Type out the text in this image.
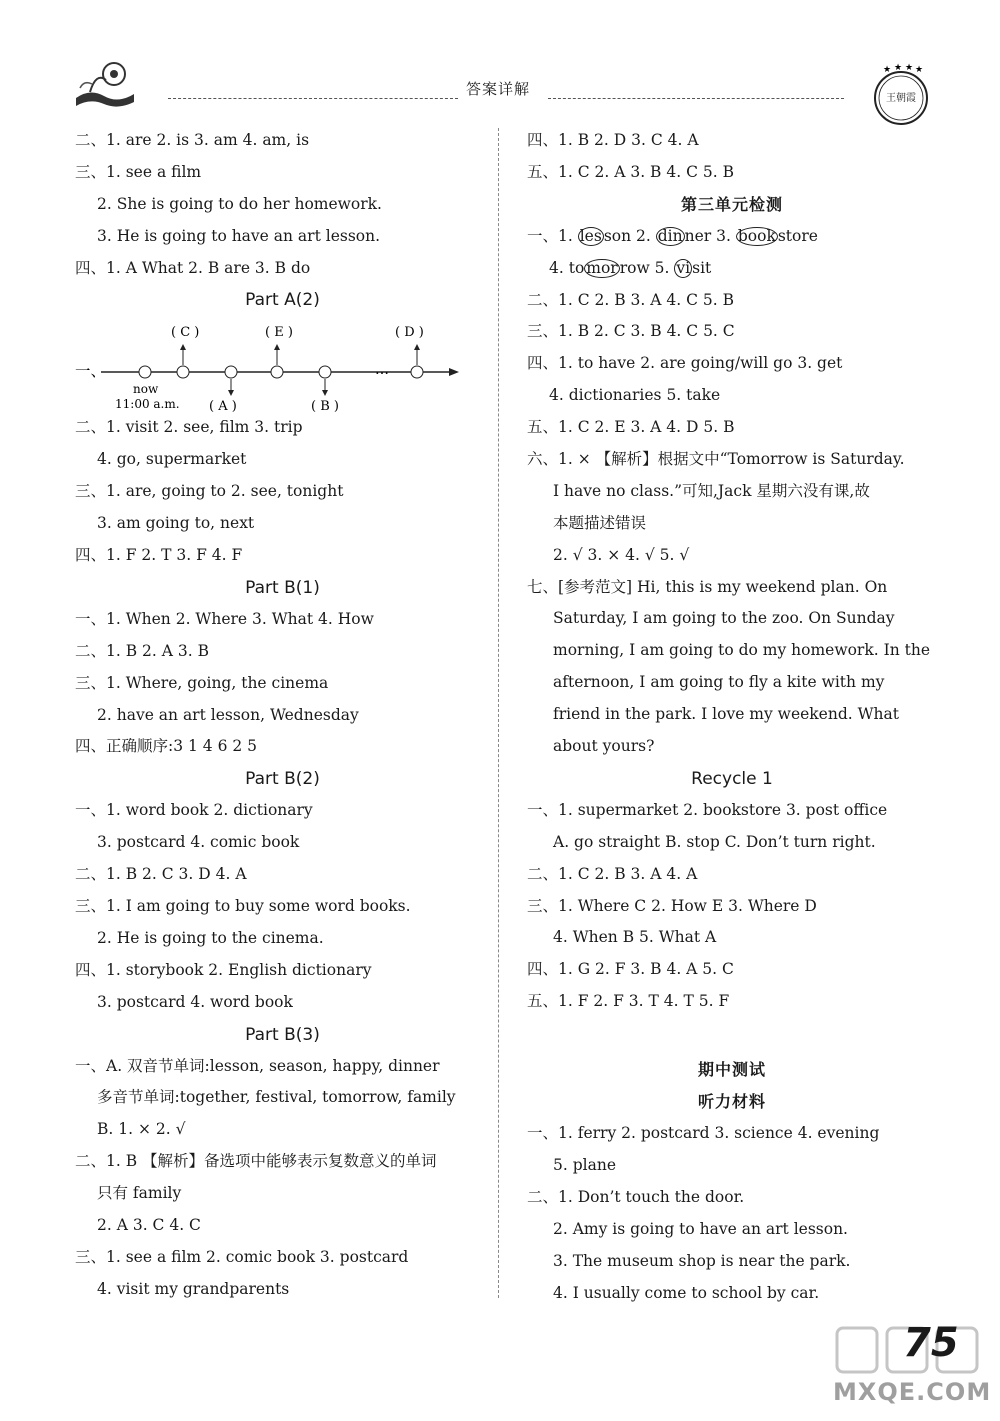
答案详解
★ ★ ★ ★
王朝霞
二、1. are 2. is 3. am 4. am, is
三、1. see a film
2. She is going to do her homework.
3. He is going to have an art lesson.
四、1. A What 2. B are 3. B do
Part A(2)
一、	…
( C )	( E )	( D )
( A )	( B )
now
11:00 a.m.
二、1. visit 2. see, film 3. trip
4. go, supermarket
三、1. are, going to 2. see, tonight
3. am going to, next
四、1. F 2. T 3. F 4. F
Part B(1)
一、1. When 2. Where 3. What 4. How
二、1. B 2. A 3. B
三、1. Where, going, the cinema
2. have an art lesson, Wednesday
四、正确顺序:3 1 4 6 2 5
Part B(2)
一、1. word book 2. dictionary
3. postcard 4. comic book
二、1. B 2. C 3. D 4. A
三、1. I am going to buy some word books.
2. He is going to the cinema.
四、1. storybook 2. English dictionary
3. postcard 4. word book
Part B(3)
一、A. 双音节单词:lesson, season, happy, dinner
多音节单词:together, festival, tomorrow, family
B. 1. × 2. √
二、1. B 【解析】备选项中能够表示复数意义的单词
只有 family
2. A 3. C 4. C
三、1. see a film 2. comic book 3. postcard
4. visit my grandparents
四、1. B 2. D 3. C 4. A
五、1. C 2. A 3. B 4. C 5. B
第三单元检测
一、1. les son 2. din ner 3. book store
4. to mor row 5. vi sit
二、1. C 2. B 3. A 4. C 5. B
三、1. B 2. C 3. B 4. C 5. C
四、1. to have 2. are going/will go 3. get
4. dictionaries 5. take
五、1. C 2. E 3. A 4. D 5. B
六、1. × 【解析】根据文中“Tomorrow is Saturday.
I have no class.”可知,Jack 星期六没有课,故
本题描述错误
2. √ 3. × 4. √ 5. √
七、[参考范文] Hi, this is my weekend plan. On
Saturday, I am going to the zoo. On Sunday
morning, I am going to do my homework. In the
afternoon, I am going to fly a kite with my
friend in the park. I love my weekend. What
about yours?
Recycle 1
一、1. supermarket 2. bookstore 3. post office
A. go straight B. stop C. Don’t turn right.
二、1. C 2. B 3. A 4. A
三、1. Where C 2. How E 3. Where D
4. When B 5. What A
四、1. G 2. F 3. B 4. A 5. C
五、1. F 2. F 3. T 4. T 5. F
期中测试
听力材料
一、1. ferry 2. postcard 3. science 4. evening
5. plane
二、1. Don’t touch the door.
2. Amy is going to have an art lesson.
3. The museum shop is near the park.
4. I usually come to school by car.
75
MXQE.COM
